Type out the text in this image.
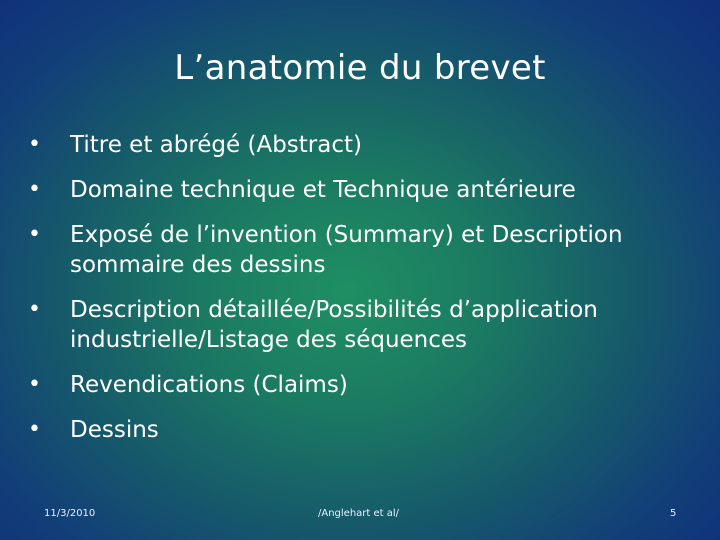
L’anatomie du brevet
• Titre et abrégé (Abstract)
• Domaine technique et Technique antérieure
• Exposé de l’invention (Summary) et Description sommaire des dessins
• Description détaillée/Possibilités d’application industrielle/Listage des séquences
• Revendications (Claims)
• Dessins
11/3/2010	/Anglehart et al/	5
